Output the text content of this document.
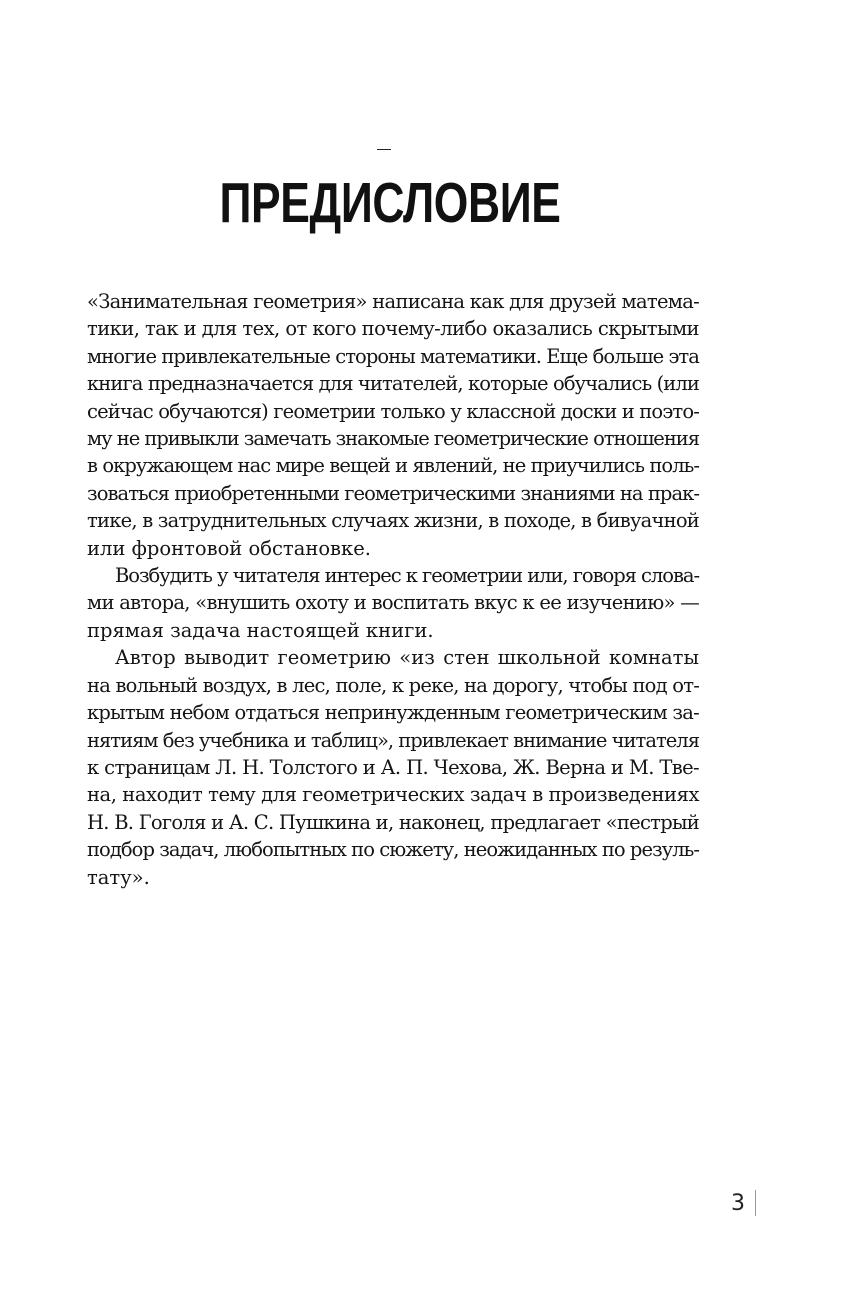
ПРЕДИСЛОВИЕ
«Занимательная геометрия» написана как для друзей матема-
тики, так и для тех, от кого почему-либо оказались скрытыми
многие привлекательные стороны математики. Еще больше эта
книга предназначается для читателей, которые обучались (или
сейчас обучаются) геометрии только у классной доски и поэто-
му не привыкли замечать знакомые геометрические отношения
в окружающем нас мире вещей и явлений, не приучились поль-
зоваться приобретенными геометрическими знаниями на прак-
тике, в затруднительных случаях жизни, в походе, в бивуачной
или фронтовой обстановке.
Возбудить у читателя интерес к геометрии или, говоря слова-
ми автора, «внушить охоту и воспитать вкус к ее изучению» —
прямая задача настоящей книги.
Автор выводит геометрию «из стен школьной комнаты
на вольный воздух, в лес, поле, к реке, на дорогу, чтобы под от-
крытым небом отдаться непринужденным геометрическим за-
нятиям без учебника и таблиц», привлекает внимание читателя
к страницам Л. Н. Толстого и А. П. Чехова, Ж. Верна и М. Тве-
на, находит тему для геометрических задач в произведениях
Н. В. Гоголя и А. С. Пушкина и, наконец, предлагает «пестрый
подбор задач, любопытных по сюжету, неожиданных по резуль-
тату».
3
